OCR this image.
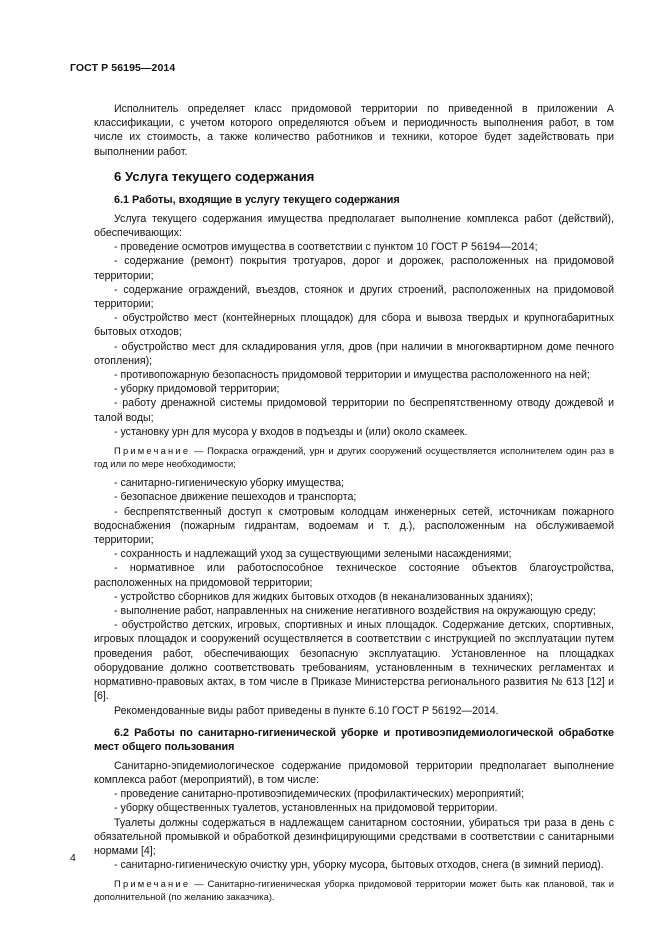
ГОСТ Р 56195—2014

Исполнитель определяет класс придомовой территории по приведенной в приложении А классификации, с учетом которого определяются объем и периодичность выполнения работ, в том числе их стоимость, а также количество работников и техники, которое будет задействовать при выполнении работ.

6 Услуга текущего содержания
6.1 Работы, входящие в услугу текущего содержания

Услуга текущего содержания имущества предполагает выполнение комплекса работ (действий), обеспечивающих:

- проведение осмотров имущества в соответствии с пунктом 10 ГОСТ Р 56194—2014;

- содержание (ремонт) покрытия тротуаров, дорог и дорожек, расположенных на придомовой территории;

- содержание ограждений, въездов, стоянок и других строений, расположенных на придомовой территории;

- обустройство мест (контейнерных площадок) для сбора и вывоза твердых и крупногабаритных бытовых отходов;

- обустройство мест для складирования угля, дров (при наличии в многоквартирном доме печного отопления);

- противопожарную безопасность придомовой территории и имущества расположенного на ней;

- уборку придомовой территории;

- работу дренажной системы придомовой территории по беспрепятственному отводу дождевой и талой воды;

- установку урн для мусора у входов в подъезды и (или) около скамеек.

Примечание — Покраска ограждений, урн и других сооружений осуществляется исполнителем один раз в год или по мере необходимости;

- санитарно-гигиеническую уборку имущества;

- безопасное движение пешеходов и транспорта;

- беспрепятственный доступ к смотровым колодцам инженерных сетей, источникам пожарного водоснабжения (пожарным гидрантам, водоемам и т. д.), расположенным на обслуживаемой территории;

- сохранность и надлежащий уход за существующими зелеными насаждениями;

- нормативное или работоспособное техническое состояние объектов благоустройства, расположенных на придомовой территории;

- устройство сборников для жидких бытовых отходов (в неканализованных зданиях);

- выполнение работ, направленных на снижение негативного воздействия на окружающую среду;

- обустройство детских, игровых, спортивных и иных площадок. Содержание детских, спортивных, игровых площадок и сооружений осуществляется в соответствии с инструкцией по эксплуатации путем проведения работ, обеспечивающих безопасную эксплуатацию. Установленное на площадках оборудование должно соответствовать требованиям, установленным в технических регламентах и нормативно-правовых актах, в том числе в Приказе Министерства регионального развития № 613 [12] и [6].

Рекомендованные виды работ приведены в пункте 6.10 ГОСТ Р 56192—2014.

6.2 Работы по санитарно-гигиенической уборке и противоэпидемиологической обработке мест общего пользования

Санитарно-эпидемиологическое содержание придомовой территории предполагает выполнение комплекса работ (мероприятий), в том числе:

- проведение санитарно-противоэпидемических (профилактических) мероприятий;

- уборку общественных туалетов, установленных на придомовой территории.

Туалеты должны содержаться в надлежащем санитарном состоянии, убираться три раза в день с обязательной промывкой и обработкой дезинфицирующими средствами в соответствии с санитарными нормами [4];

- санитарно-гигиеническую очистку урн, уборку мусора, бытовых отходов, снега (в зимний период).

Примечание — Санитарно-гигиеническая уборка придомовой территории может быть как плановой, так и дополнительной (по желанию заказчика).

4
